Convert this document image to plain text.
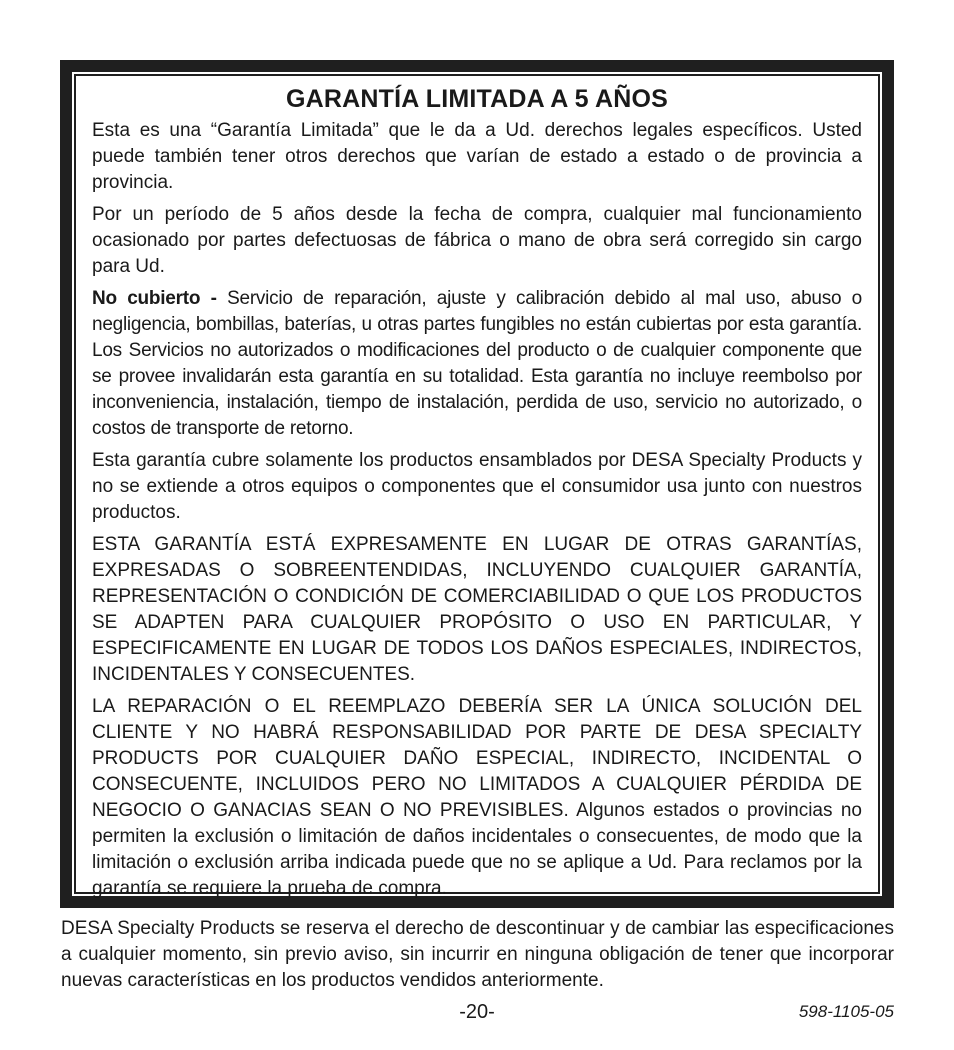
GARANTÍA LIMITADA A 5 AÑOS

Esta es una “Garantía Limitada” que le da a Ud. derechos legales específicos. Usted puede también tener otros derechos que varían de estado a estado o de provincia a provincia.

Por un período de 5 años desde la fecha de compra, cualquier mal funcionamiento ocasionado por partes defectuosas de fábrica o mano de obra será corregido sin cargo para Ud.

No cubierto - Servicio de reparación, ajuste y calibración debido al mal uso, abuso o negligencia, bombillas, baterías, u otras partes fungibles no están cubiertas por esta garantía. Los Servicios no autorizados o modificaciones del producto o de cualquier componente que se provee invalidarán esta garantía en su totalidad. Esta garantía no incluye reembolso por inconveniencia, instalación, tiempo de instalación, perdida de uso, servicio no autorizado, o costos de transporte de retorno.

Esta garantía cubre solamente los productos ensamblados por DESA Specialty Products y no se extiende a otros equipos o componentes que el consumidor usa junto con nuestros productos.

ESTA GARANTÍA ESTÁ EXPRESAMENTE EN LUGAR DE OTRAS GARANTÍAS, EXPRESADAS O SOBREENTENDIDAS, INCLUYENDO CUALQUIER GARANTÍA, REPRESENTACIÓN O CONDICIÓN DE COMERCIABILIDAD O QUE LOS PRODUCTOS SE ADAPTEN PARA CUALQUIER PROPÓSITO O USO EN PARTICULAR, Y ESPECIFICAMENTE EN LUGAR DE TODOS LOS DAÑOS ESPECIALES, INDIRECTOS, INCIDENTALES Y CONSECUENTES.

LA REPARACIÓN O EL REEMPLAZO DEBERÍA SER LA ÚNICA SOLUCIÓN DEL CLIENTE Y NO HABRÁ RESPONSABILIDAD POR PARTE DE DESA SPECIALTY PRODUCTS POR CUALQUIER DAÑO ESPECIAL, INDIRECTO, INCIDENTAL O CONSECUENTE, INCLUIDOS PERO NO LIMITADOS A CUALQUIER PÉRDIDA DE NEGOCIO O GANACIAS SEAN O NO PREVISIBLES. Algunos estados o provincias no permiten la exclusión o limitación de daños incidentales o consecuentes, de modo que la limitación o exclusión arriba indicada puede que no se aplique a Ud. Para reclamos por la garantía se requiere la prueba de compra.

DESA Specialty Products se reserva el derecho de descontinuar y de cambiar las especificaciones a cualquier momento, sin previo aviso, sin incurrir en ninguna obligación de tener que incorporar nuevas características en los productos vendidos anteriormente.

-20-	598-1105-05
